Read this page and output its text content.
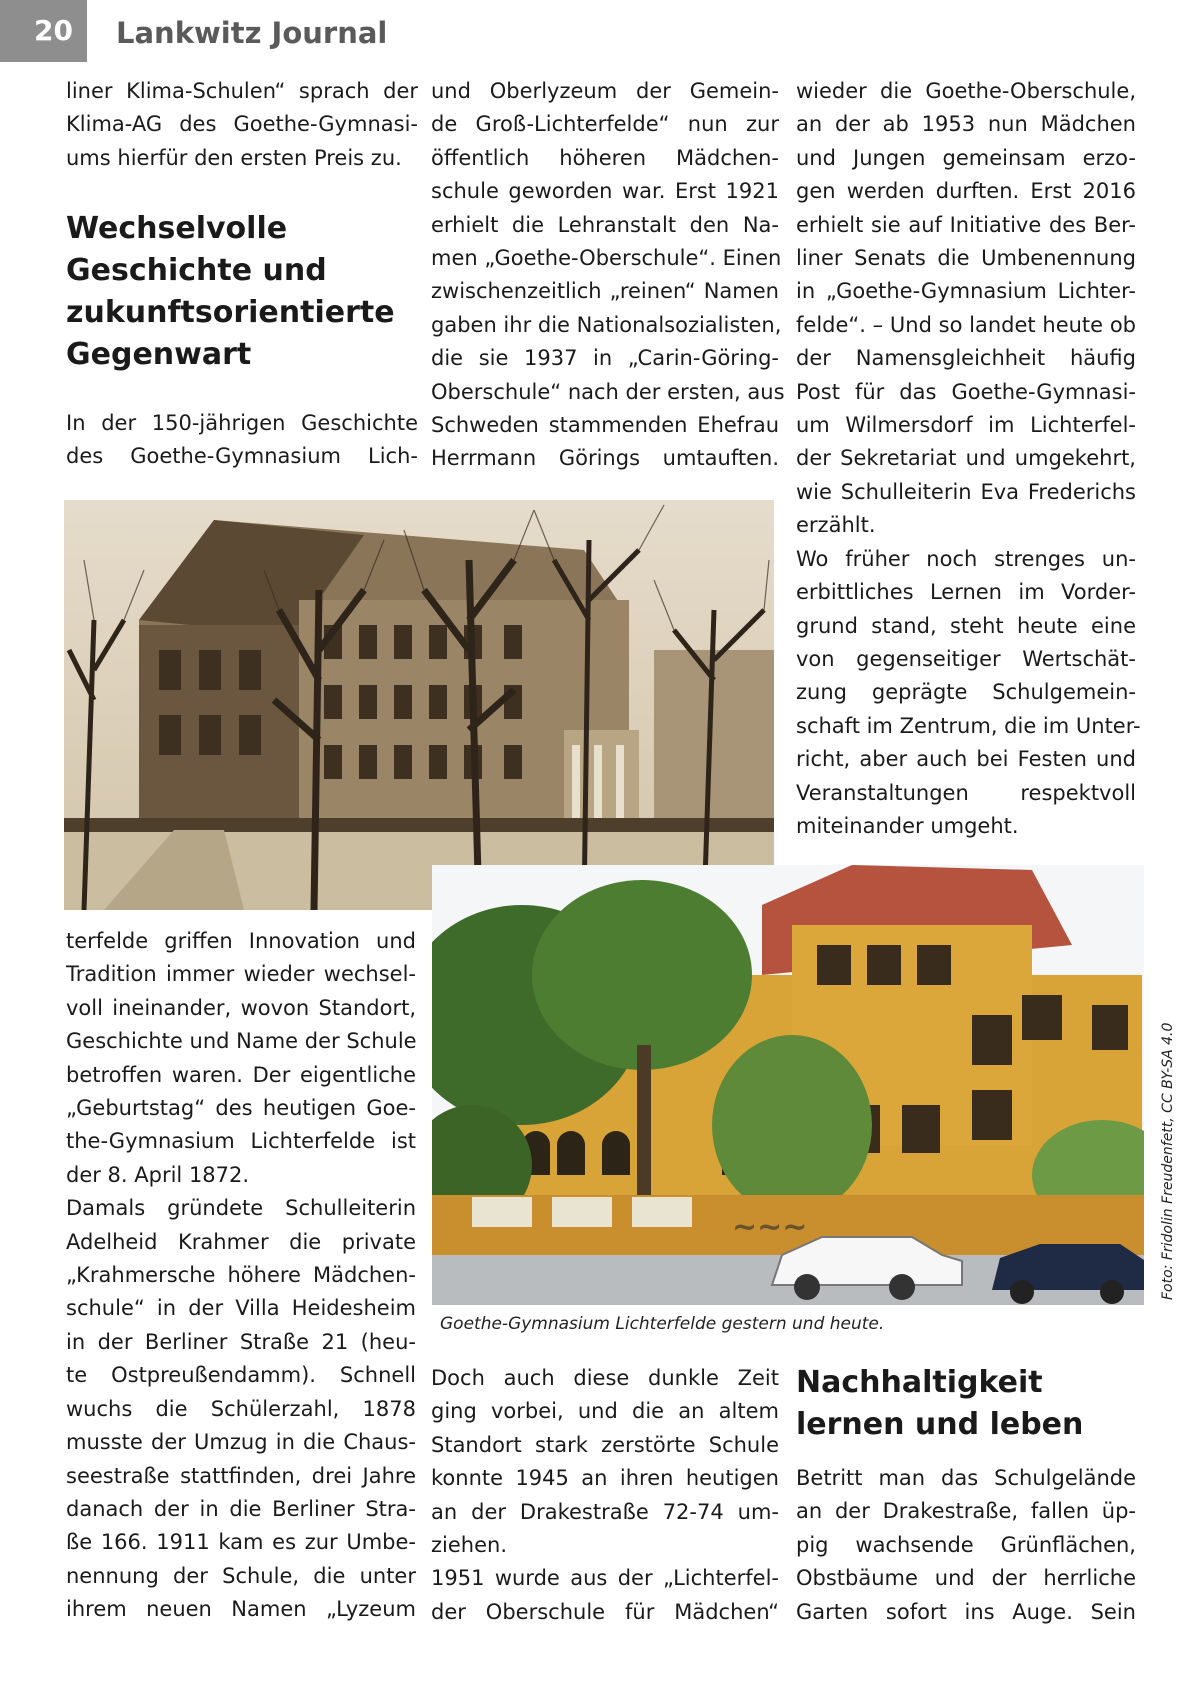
20	Lankwitz Journal
liner Klima-Schulen“ sprach der
Klima-AG des Goethe-Gymnasi-
ums hierfür den ersten Preis zu.
Wechselvolle
Geschichte und
zukunftsorientierte
Gegenwart
In der 150-jährigen Geschichte
des Goethe-Gymnasium Lich-
und Oberlyzeum der Gemein-
de Groß-Lichterfelde“ nun zur
öffentlich höheren Mädchen-
schule geworden war. Erst 1921
erhielt die Lehranstalt den Na-
men „Goethe-Oberschule“. Einen
zwischenzeitlich „reinen“ Namen
gaben ihr die Nationalsozialisten,
die sie 1937 in „Carin-Göring-
Oberschule“ nach der ersten, aus
Schweden stammenden Ehefrau
Herrmann Görings umtauften.
wieder die Goethe-Oberschule,
an der ab 1953 nun Mädchen
und Jungen gemeinsam erzo-
gen werden durften. Erst 2016
erhielt sie auf Initiative des Ber-
liner Senats die Umbenennung
in „Goethe-Gymnasium Lichter-
felde“. – Und so landet heute ob
der Namensgleichheit häufig
Post für das Goethe-Gymnasi-
um Wilmersdorf im Lichterfel-
der Sekretariat und umgekehrt,
wie Schulleiterin Eva Frederichs
erzählt.
Wo früher noch strenges un-
erbittliches Lernen im Vorder-
grund stand, steht heute eine
von gegenseitiger Wertschät-
zung geprägte Schulgemein-
schaft im Zentrum, die im Unter-
richt, aber auch bei Festen und
Veranstaltungen respektvoll
miteinander umgeht.
terfelde griffen Innovation und
Tradition immer wieder wechsel-
voll ineinander, wovon Standort,
Geschichte und Name der Schule
betroffen waren. Der eigentliche
„Geburtstag“ des heutigen Goe-
the-Gymnasium Lichterfelde ist
der 8. April 1872.
Damals gründete Schulleiterin
Adelheid Krahmer die private
„Krahmersche höhere Mädchen-
schule“ in der Villa Heidesheim
in der Berliner Straße 21 (heu-
te Ostpreußendamm). Schnell
wuchs die Schülerzahl, 1878
musste der Umzug in die Chaus-
seestraße stattfinden, drei Jahre
danach der in die Berliner Stra-
ße 166. 1911 kam es zur Umbe-
nennung der Schule, die unter
ihrem neuen Namen „Lyzeum
~~~	Foto: Fridolin Freudenfett, CC BY-SA 4.0
Goethe-Gymnasium Lichterfelde gestern und heute.
Doch auch diese dunkle Zeit
ging vorbei, und die an altem
Standort stark zerstörte Schule
konnte 1945 an ihren heutigen
an der Drakestraße 72-74 um-
ziehen.
1951 wurde aus der „Lichterfel-
der Oberschule für Mädchen“
Nachhaltigkeit
lernen und leben
Betritt man das Schulgelände
an der Drakestraße, fallen üp-
pig wachsende Grünflächen,
Obstbäume und der herrliche
Garten sofort ins Auge. Sein
